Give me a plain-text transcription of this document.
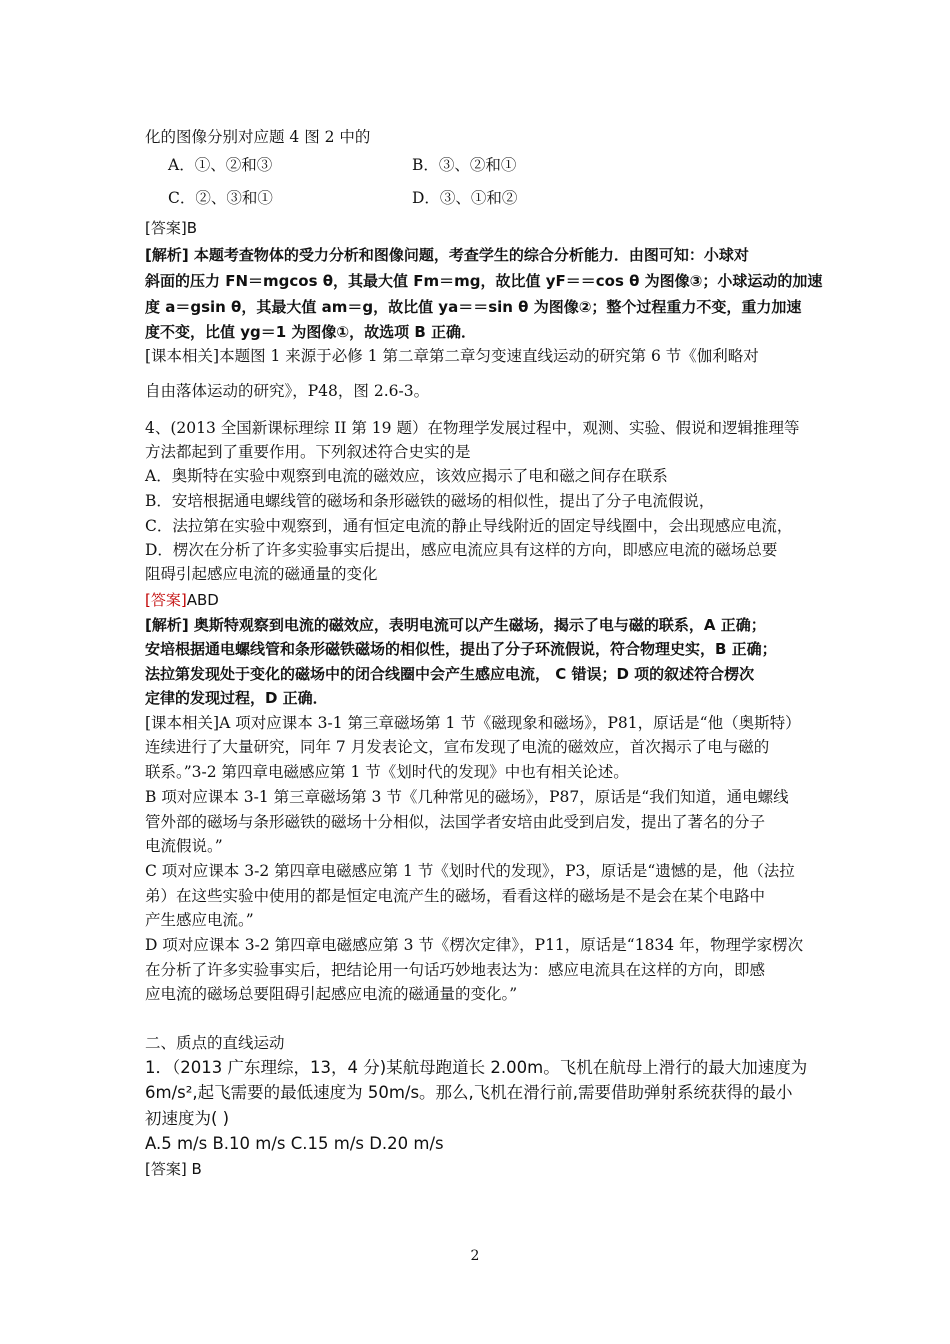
化的图像分别对应题 4 图 2 中的
A．①、②和③	B．③、②和①
C．②、③和①	D．③、①和②
[答案]B
[解析] 本题考查物体的受力分析和图像问题，考查学生的综合分析能力．由图可知：小球对
斜面的压力 FN＝mgcos θ，其最大值 Fm＝mg，故比值 yF＝＝cos θ 为图像③；小球运动的加速
度 a＝gsin θ，其最大值 am＝g，故比值 ya＝＝sin θ 为图像②；整个过程重力不变，重力加速
度不变，比值 yg＝1 为图像①，故选项 B 正确．
[课本相关]本题图 1 来源于必修 1 第二章第二章匀变速直线运动的研究第 6 节《伽利略对
自由落体运动的研究》，P48，图 2.6-3。
4、(2013 全国新课标理综 II 第 19 题）在物理学发展过程中，观测、实验、假说和逻辑推理等
方法都起到了重要作用。下列叙述符合史实的是
A．奥斯特在实验中观察到电流的磁效应，该效应揭示了电和磁之间存在联系
B．安培根据通电螺线管的磁场和条形磁铁的磁场的相似性，提出了分子电流假说，
C．法拉第在实验中观察到，通有恒定电流的静止导线附近的固定导线圈中，会出现感应电流，
D．楞次在分析了许多实验事实后提出，感应电流应具有这样的方向，即感应电流的磁场总要
阻碍引起感应电流的磁通量的变化
[答案]ABD
[解析] 奥斯特观察到电流的磁效应，表明电流可以产生磁场，揭示了电与磁的联系，A 正确；
安培根据通电螺线管和条形磁铁磁场的相似性，提出了分子环流假说，符合物理史实，B 正确；
法拉第发现处于变化的磁场中的闭合线圈中会产生感应电流， C 错误；D 项的叙述符合楞次
定律的发现过程，D 正确．
[课本相关]A 项对应课本 3-1 第三章磁场第 1 节《磁现象和磁场》，P81，原话是“他（奥斯特）
连续进行了大量研究，同年 7 月发表论文，宣布发现了电流的磁效应，首次揭示了电与磁的
联系。”3-2 第四章电磁感应第 1 节《划时代的发现》中也有相关论述。
B 项对应课本 3-1 第三章磁场第 3 节《几种常见的磁场》，P87，原话是“我们知道，通电螺线
管外部的磁场与条形磁铁的磁场十分相似，法国学者安培由此受到启发，提出了著名的分子
电流假说。”
C 项对应课本 3-2 第四章电磁感应第 1 节《划时代的发现》，P3，原话是“遗憾的是，他（法拉
弟）在这些实验中使用的都是恒定电流产生的磁场，看看这样的磁场是不是会在某个电路中
产生感应电流。”
D 项对应课本 3-2 第四章电磁感应第 3 节《楞次定律》，P11，原话是“1834 年，物理学家楞次
在分析了许多实验事实后，把结论用一句话巧妙地表达为：感应电流具在这样的方向，即感
应电流的磁场总要阻碍引起感应电流的磁通量的变化。”
二、质点的直线运动
1．（2013 广东理综，13，4 分)某航母跑道长 2.00m。飞机在航母上滑行的最大加速度为
6m/s²,起飞需要的最低速度为 50m/s。那么,飞机在滑行前,需要借助弹射系统获得的最小
初速度为( )
A.5 m/s B.10 m/s C.15 m/s D.20 m/s
[答案] B
2
